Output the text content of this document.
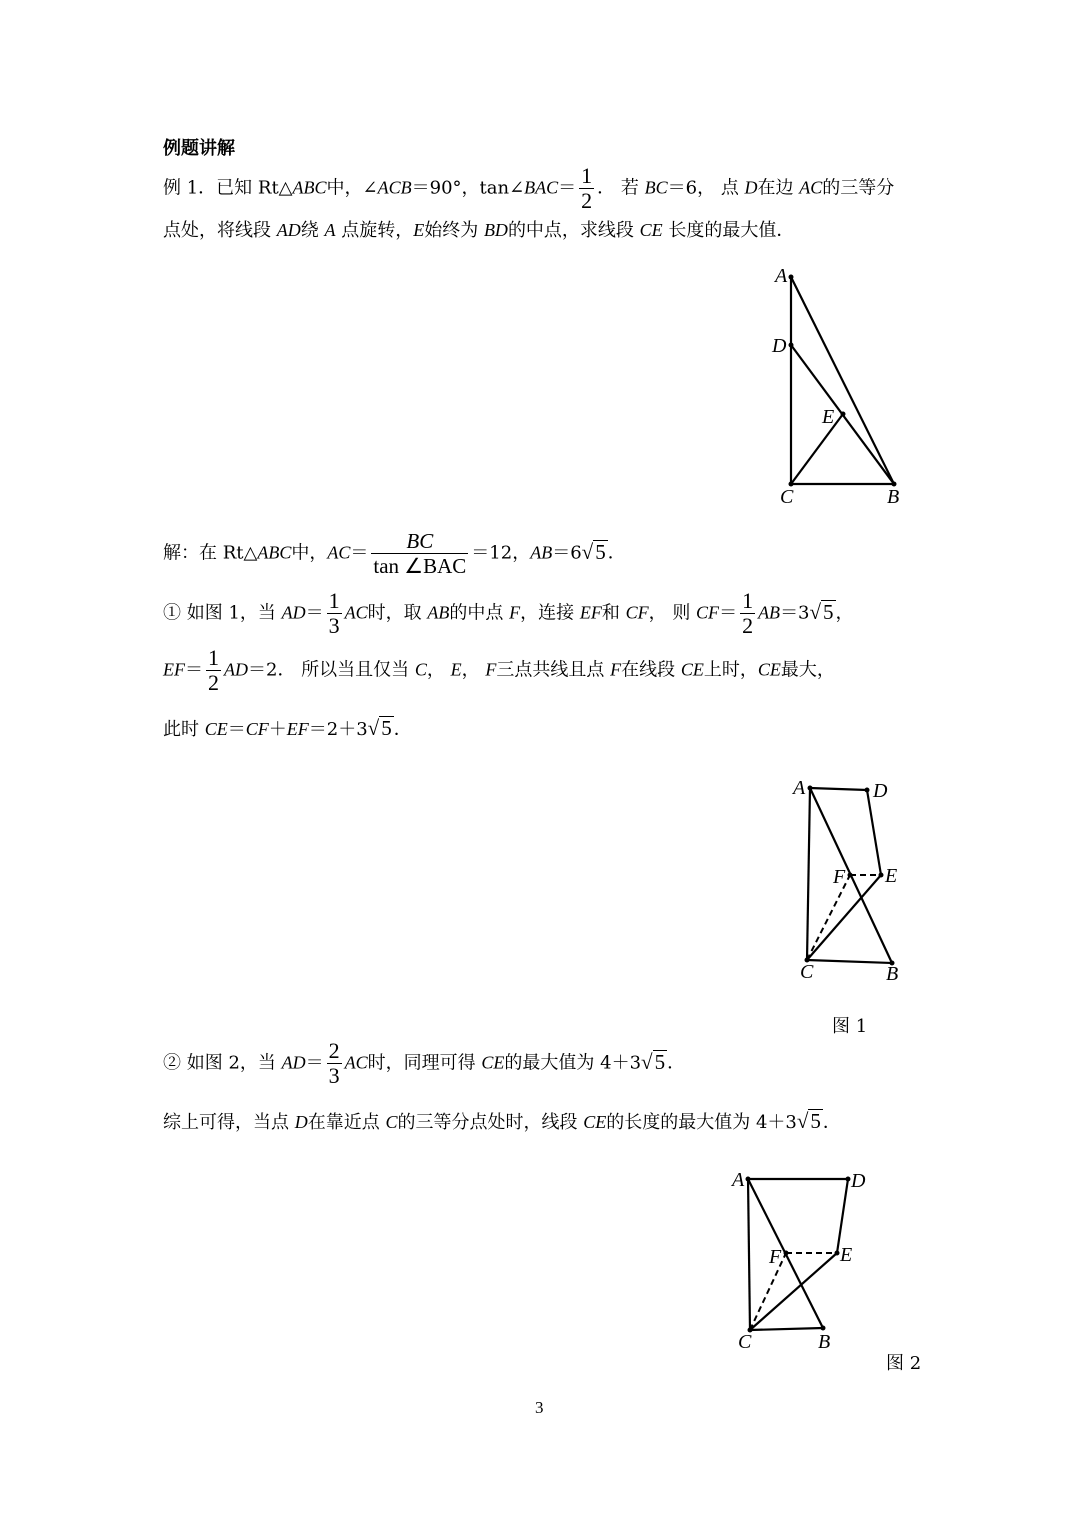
例题讲解
例 1．已知 Rt△ABC中，∠ACB＝90°，tan∠BAC＝ $\frac{1}{2}$ ． 若 BC＝6， 点 D在边 AC的三等分
点处，将线段 AD绕 A 点旋转，E始终为 BD的中点，求线段 CE 长度的最大值．
A
D
E
C	B
解：在 Rt△ABC中，$AC= \frac{BC}{\text{tan ∠BAC}} =12$，AB＝6√5 ．
① 如图 1，当 $AD= \frac{1}{3}$ AC时，取 AB的中点 F，连接 EF和 CF， 则 $CF= \frac{1}{2} AB=3√5$ ，
$EF= \frac{1}{2} AD=2$． 所以当且仅当 C， E， F三点共线且点 F在线段 CE上时，CE最大，
此时 CE＝CF＋EF＝2＋3√5 ．
A	D
F E
C	B
图 1
② 如图 2，当 $AD= \frac{2}{3}$ AC时，同理可得 CE的最大值为 4＋3√5 ．
综上可得，当点 D在靠近点 C的三等分点处时，线段 CE的长度的最大值为 4＋3√5 ．
A	D
F	E
C	B
图 2
3
